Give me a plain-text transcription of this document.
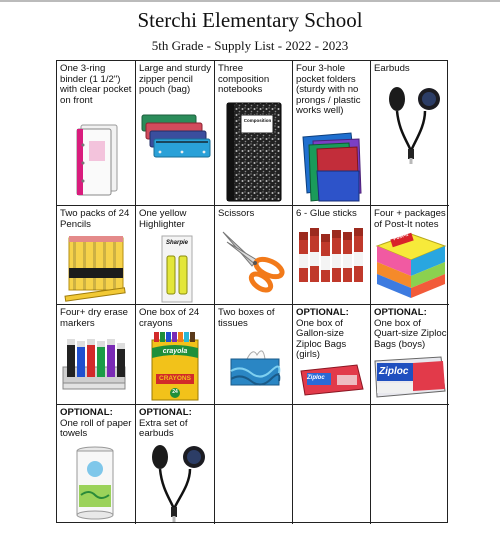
Sterchi Elementary School
5th Grade - Supply List - 2022 - 2023
One 3-ring binder (1 1/2") with clear pocket on front
Large and sturdy zipper pencil pouch (bag)
Three composition notebooks
Composition
Four 3-hole pocket folders (sturdy with no prongs / plastic works well)
Earbuds
Two packs of 24 Pencils
One yellow Highlighter
Sharpie
Scissors	6 - Glue sticks	Four + packages of Post-It notes
Post-it
Four+ dry erase markers
One box of 24 crayons
crayola
CRAYONS
24
Two boxes of tissues
OPTIONAL:
One box of Gallon-size Ziploc Bags (girls)
Ziploc
OPTIONAL:
One box of Quart-size Ziploc Bags (boys)
Ziploc
OPTIONAL:
One roll of paper towels
OPTIONAL:
Extra set of earbuds
